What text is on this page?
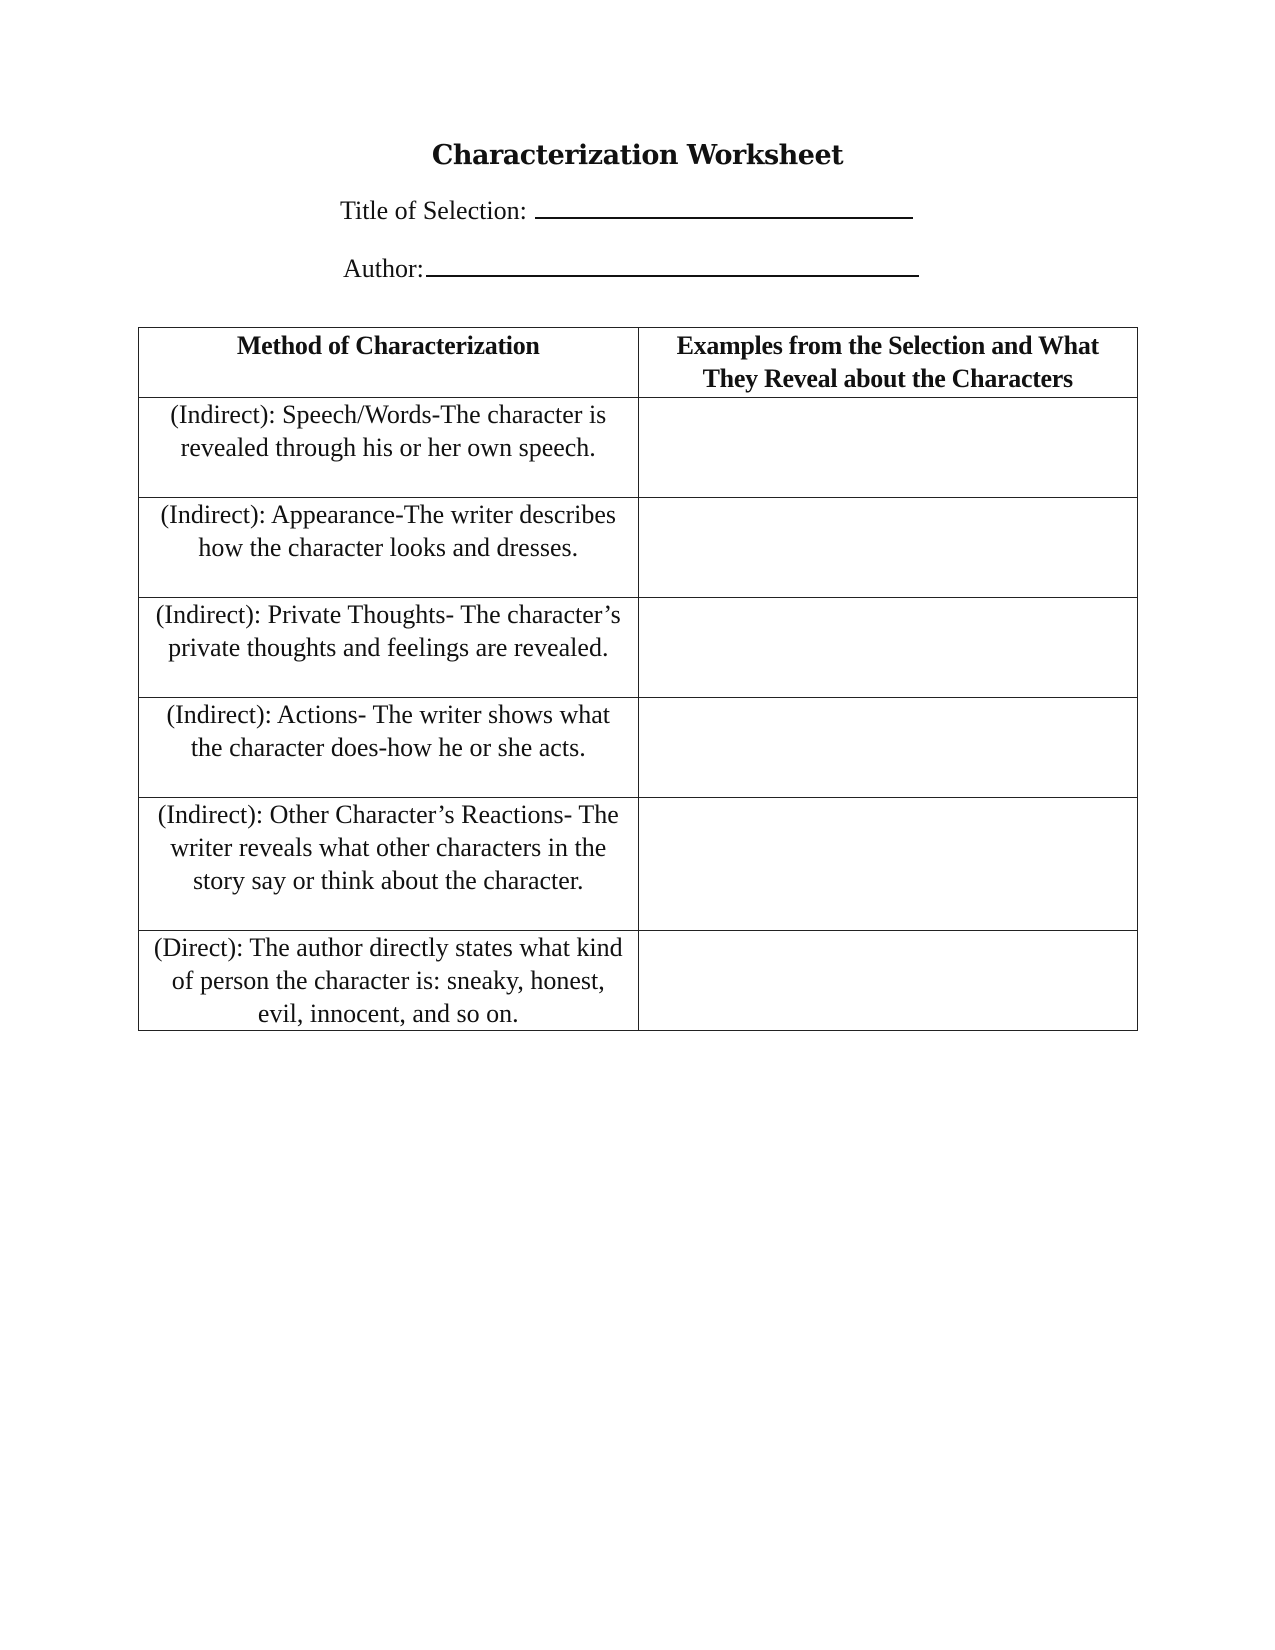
Characterization Worksheet
Title of Selection:
Author:
Method of Characterization	Examples from the Selection and What They Reveal about the Characters
(Indirect): Speech/Words-The character is revealed through his or her own speech.	
(Indirect): Appearance-The writer describes how the character looks and dresses.	
(Indirect): Private Thoughts- The character’s private thoughts and feelings are revealed.	
(Indirect): Actions- The writer shows what the character does-how he or she acts.	
(Indirect): Other Character’s Reactions- The writer reveals what other characters in the story say or think about the character.	
(Direct): The author directly states what kind of person the character is: sneaky, honest, evil, innocent, and so on.	
